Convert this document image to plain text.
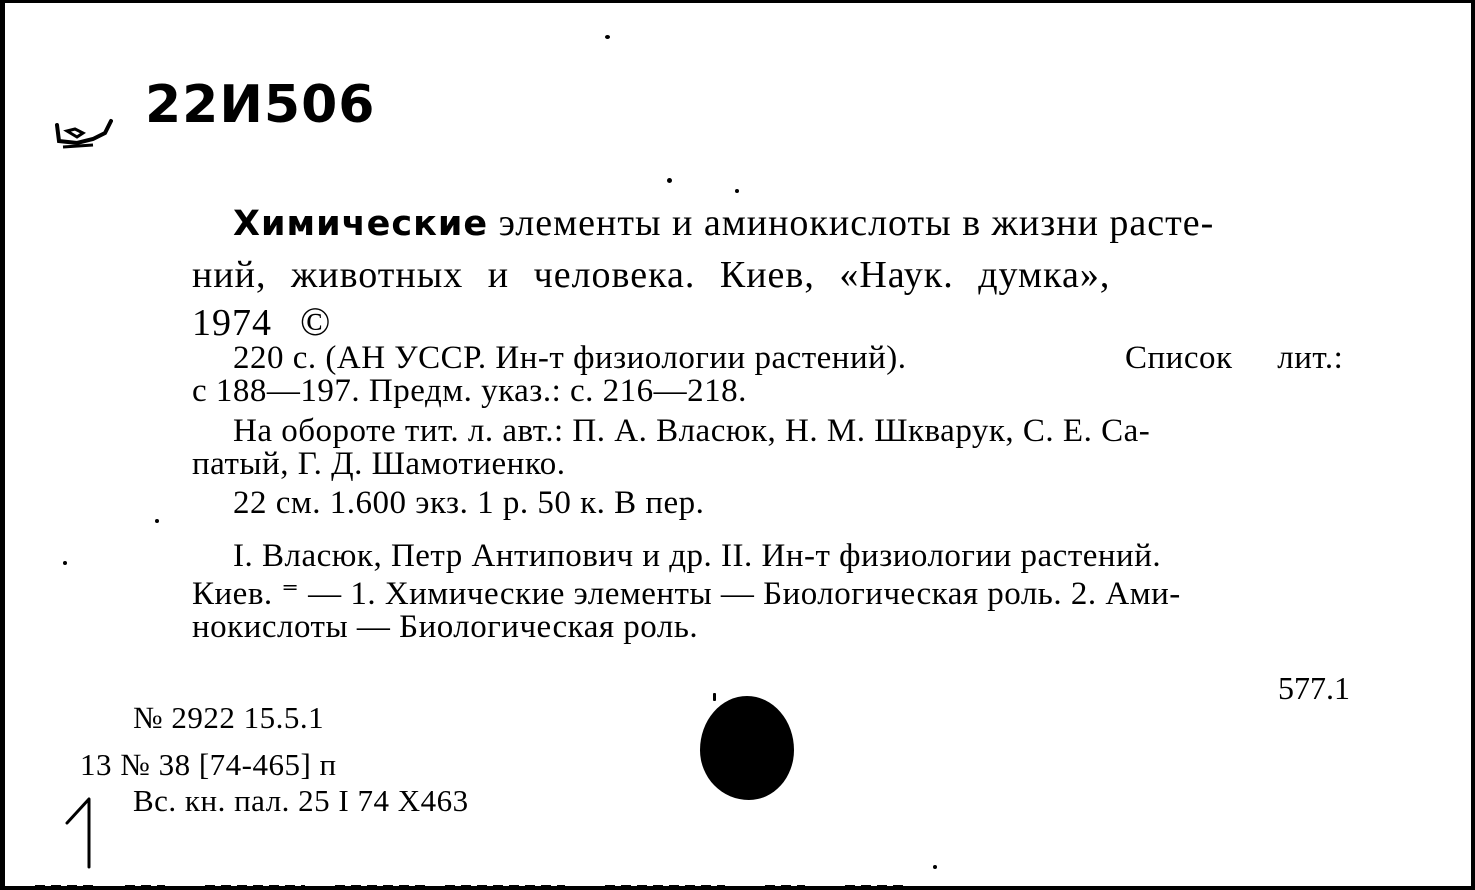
22И506
Химические элементы и аминокислоты в жизни расте-
ний, животных и человека. Киев, «Наук. думка»,
1974 ©
220 с. (АН УССР. Ин-т физиологии растений).	Список лит.:
с 188—197. Предм. указ.: с. 216—218.
На обороте тит. л. авт.: П. А. Власюк, Н. М. Шкварук, С. Е. Са-
патый, Г. Д. Шамотиенко.
22 см. 1.600 экз. 1 р. 50 к. В пер.
I. Власюк, Петр Антипович и др. II. Ин-т физиологии растений.
Киев. ⁼ — 1. Химические элементы — Биологическая роль. 2. Ами-
нокислоты — Биологическая роль.
577.1
№ 2922 15.5.1
13 № 38 [74-465] п
Вс. кн. пал. 25 I 74 Х463
